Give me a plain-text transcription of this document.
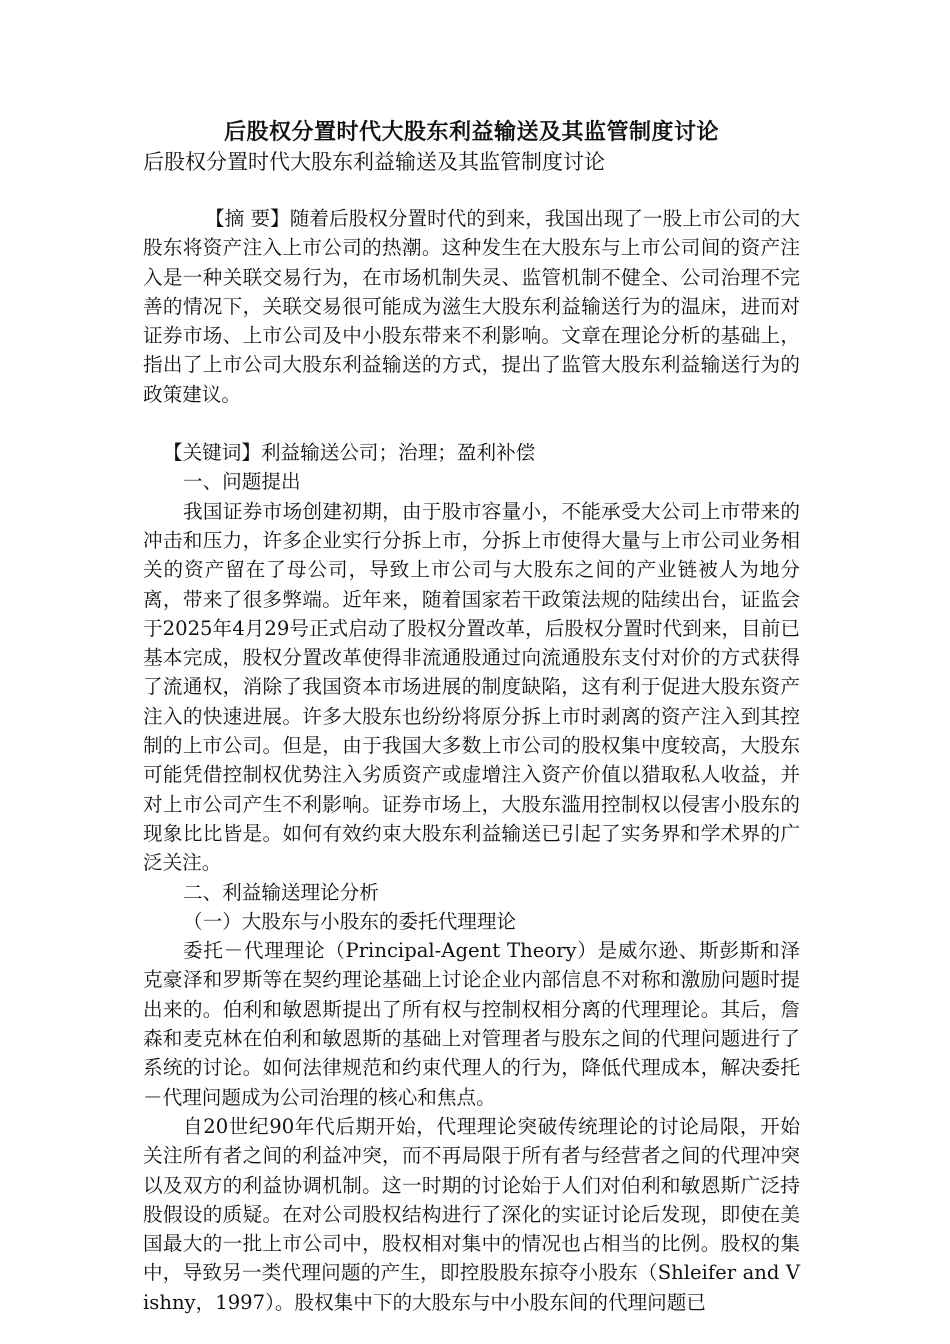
后股权分置时代大股东利益输送及其监管制度讨论
后股权分置时代大股东利益输送及其监管制度讨论

【摘 要】随着后股权分置时代的到来，我国出现了一股上市公司的大股东将资产注入上市公司的热潮。这种发生在大股东与上市公司间的资产注入是一种关联交易行为，在市场机制失灵、监管机制不健全、公司治理不完善的情况下，关联交易很可能成为滋生大股东利益输送行为的温床，进而对证券市场、上市公司及中小股东带来不利影响。文章在理论分析的基础上，指出了上市公司大股东利益输送的方式，提出了监管大股东利益输送行为的政策建议。

【关键词】利益输送公司；治理；盈利补偿

一、问题提出

我国证券市场创建初期，由于股市容量小，不能承受大公司上市带来的冲击和压力，许多企业实行分拆上市，分拆上市使得大量与上市公司业务相关的资产留在了母公司，导致上市公司与大股东之间的产业链被人为地分离，带来了很多弊端。近年来，随着国家若干政策法规的陆续出台，证监会于2025年4月29号正式启动了股权分置改革，后股权分置时代到来，目前已基本完成，股权分置改革使得非流通股通过向流通股东支付对价的方式获得了流通权，消除了我国资本市场进展的制度缺陷，这有利于促进大股东资产注入的快速进展。许多大股东也纷纷将原分拆上市时剥离的资产注入到其控制的上市公司。但是，由于我国大多数上市公司的股权集中度较高，大股东可能凭借控制权优势注入劣质资产或虚增注入资产价值以猎取私人收益，并对上市公司产生不利影响。证券市场上，大股东滥用控制权以侵害小股东的现象比比皆是。如何有效约束大股东利益输送已引起了实务界和学术界的广泛关注。

二、利益输送理论分析

（一）大股东与小股东的委托代理理论

委托－代理理论（Principal-Agent Theory）是威尔逊、斯彭斯和泽克豪泽和罗斯等在契约理论基础上讨论企业内部信息不对称和激励问题时提出来的。伯利和敏恩斯提出了所有权与控制权相分离的代理理论。其后，詹森和麦克林在伯利和敏恩斯的基础上对管理者与股东之间的代理问题进行了系统的讨论。如何法律规范和约束代理人的行为，降低代理成本，解决委托－代理问题成为公司治理的核心和焦点。

自20世纪90年代后期开始，代理理论突破传统理论的讨论局限，开始关注所有者之间的利益冲突，而不再局限于所有者与经营者之间的代理冲突以及双方的利益协调机制。这一时期的讨论始于人们对伯利和敏恩斯广泛持股假设的质疑。在对公司股权结构进行了深化的实证讨论后发现，即使在美国最大的一批上市公司中，股权相对集中的情况也占相当的比例。股权的集中，导致另一类代理问题的产生，即控股股东掠夺小股东（Shleifer and Vishny，1997）。股权集中下的大股东与中小股东间的代理问题已
